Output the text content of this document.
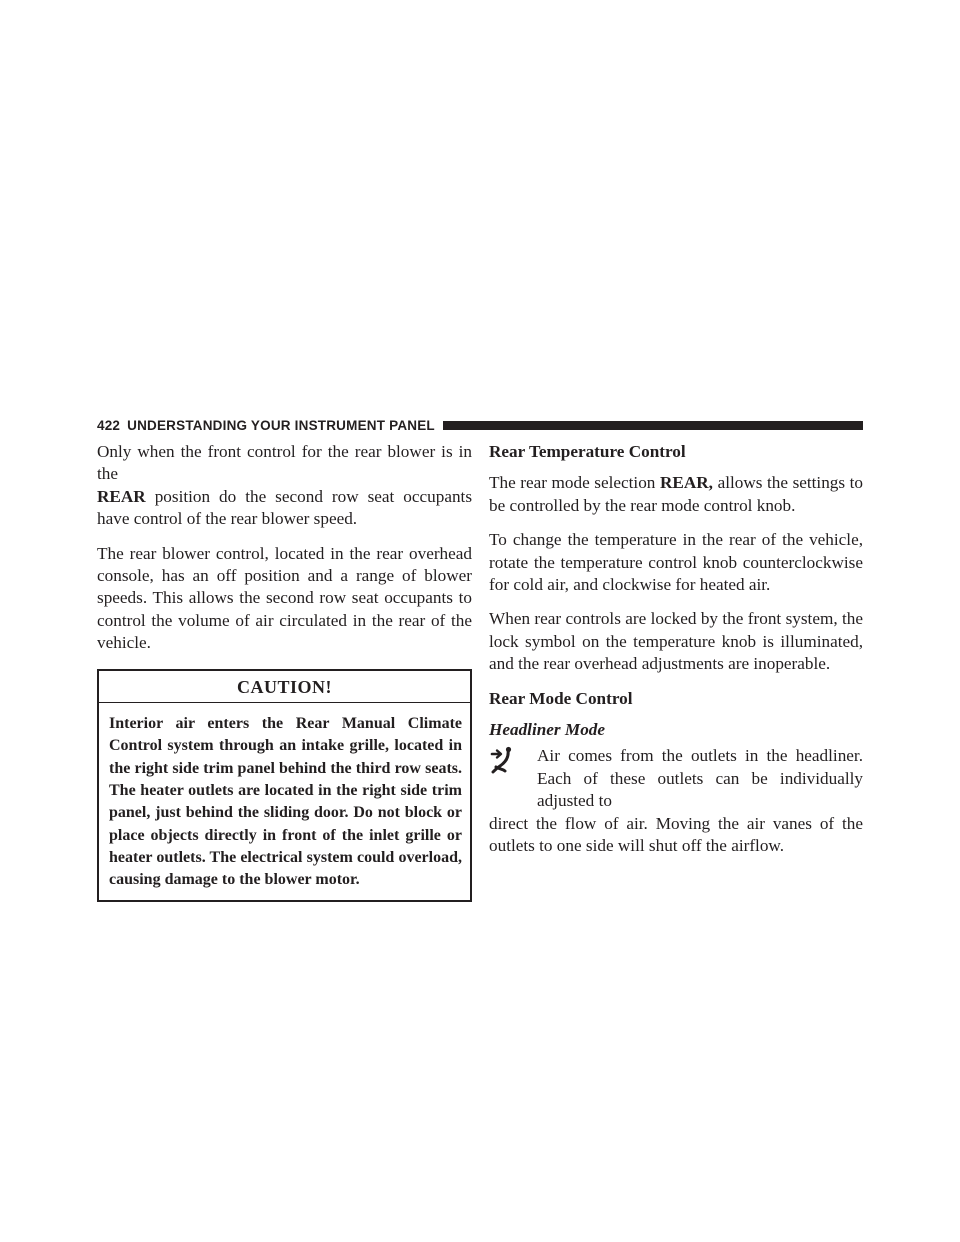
422 UNDERSTANDING YOUR INSTRUMENT PANEL

Only when the front control for the rear blower is in the
REAR position do the second row seat occupants have control of the rear blower speed.

The rear blower control, located in the rear overhead console, has an off position and a range of blower speeds. This allows the second row seat occupants to control the volume of air circulated in the rear of the vehicle.

CAUTION!
Interior air enters the Rear Manual Climate Control system through an intake grille, located in the right side trim panel behind the third row seats. The heater outlets are located in the right side trim panel, just behind the sliding door. Do not block or place objects directly in front of the inlet grille or heater outlets. The electrical system could overload, causing damage to the blower motor.
Rear Temperature Control

The rear mode selection REAR, allows the settings to be controlled by the rear mode control knob.

To change the temperature in the rear of the vehicle, rotate the temperature control knob counterclockwise for cold air, and clockwise for heated air.

When rear controls are locked by the front system, the lock symbol on the temperature knob is illuminated, and the rear overhead adjustments are inoperable.

Rear Mode Control
Headliner Mode

Air comes from the outlets in the headliner. Each of these outlets can be individually adjusted to

direct the flow of air. Moving the air vanes of the outlets to one side will shut off the airflow.
